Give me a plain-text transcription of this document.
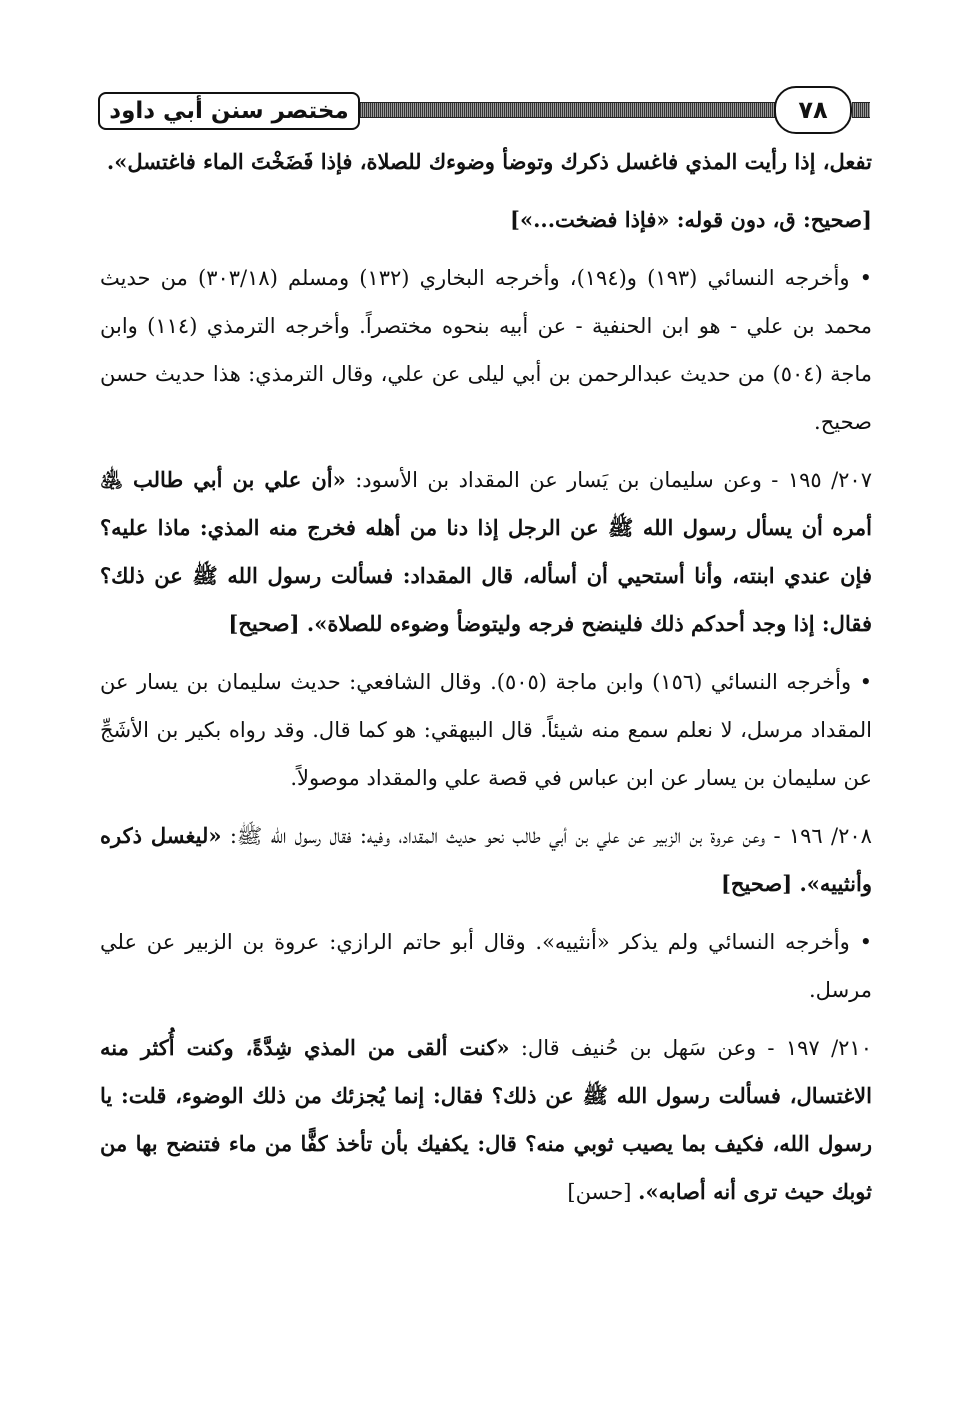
مختصر سنن أبي داود	٧٨

تفعل، إذا رأيت المذي فاغسل ذكرك وتوضأ وضوءك للصلاة، فإذا فَضَخْتَ الماء فاغتسل».

[صحيح: ق، دون قوله: «فإذا فضخت...»]

• وأخرجه النسائي (١٩٣) و(١٩٤)، وأخرجه البخاري (١٣٢) ومسلم (٣٠٣/١٨) من حديث محمد بن علي - هو ابن الحنفية - عن أبيه بنحوه مختصراً. وأخرجه الترمذي (١١٤) وابن ماجة (٥٠٤) من حديث عبدالرحمن بن أبي ليلى عن علي، وقال الترمذي: هذا حديث حسن صحيح.

٢٠٧/ ١٩٥ - وعن سليمان بن يَسار عن المقداد بن الأسود: «أن علي بن أبي طالب ﵁ أمره أن يسأل رسول الله ﷺ عن الرجل إذا دنا من أهله فخرج منه المذي: ماذا عليه؟ فإن عندي ابنته، وأنا أستحيي أن أسأله، قال المقداد: فسألت رسول الله ﷺ عن ذلك؟ فقال: إذا وجد أحدكم ذلك فلينضح فرجه وليتوضأ وضوءه للصلاة». [صحيح]

• وأخرجه النسائي (١٥٦) وابن ماجة (٥٠٥). وقال الشافعي: حديث سليمان بن يسار عن المقداد مرسل، لا نعلم سمع منه شيئاً. قال البيهقي: هو كما قال. وقد رواه بكير بن الأشَجِّ عن سليمان بن يسار عن ابن عباس في قصة علي والمقداد موصولاً.

٢٠٨/ ١٩٦ - وعن عروة بن الزبير عن علي بن أبي طالب نحو حديث المقداد، وفيه: فقال رسول الله ﷺ: «ليغسل ذكره وأنثييه». [صحيح]

• وأخرجه النسائي ولم يذكر «أنثييه». وقال أبو حاتم الرازي: عروة بن الزبير عن علي مرسل.

٢١٠/ ١٩٧ - وعن سَهل بن حُنيف قال: «كنت ألقى من المذي شِدَّةً، وكنت أُكثر منه الاغتسال، فسألت رسول الله ﷺ عن ذلك؟ فقال: إنما يُجزئك من ذلك الوضوء، قلت: يا رسول الله، فكيف بما يصيب ثوبي منه؟ قال: يكفيك بأن تأخذ كفًّا من ماء فتنضح بها من ثوبك حيث ترى أنه أصابه». [حسن]
